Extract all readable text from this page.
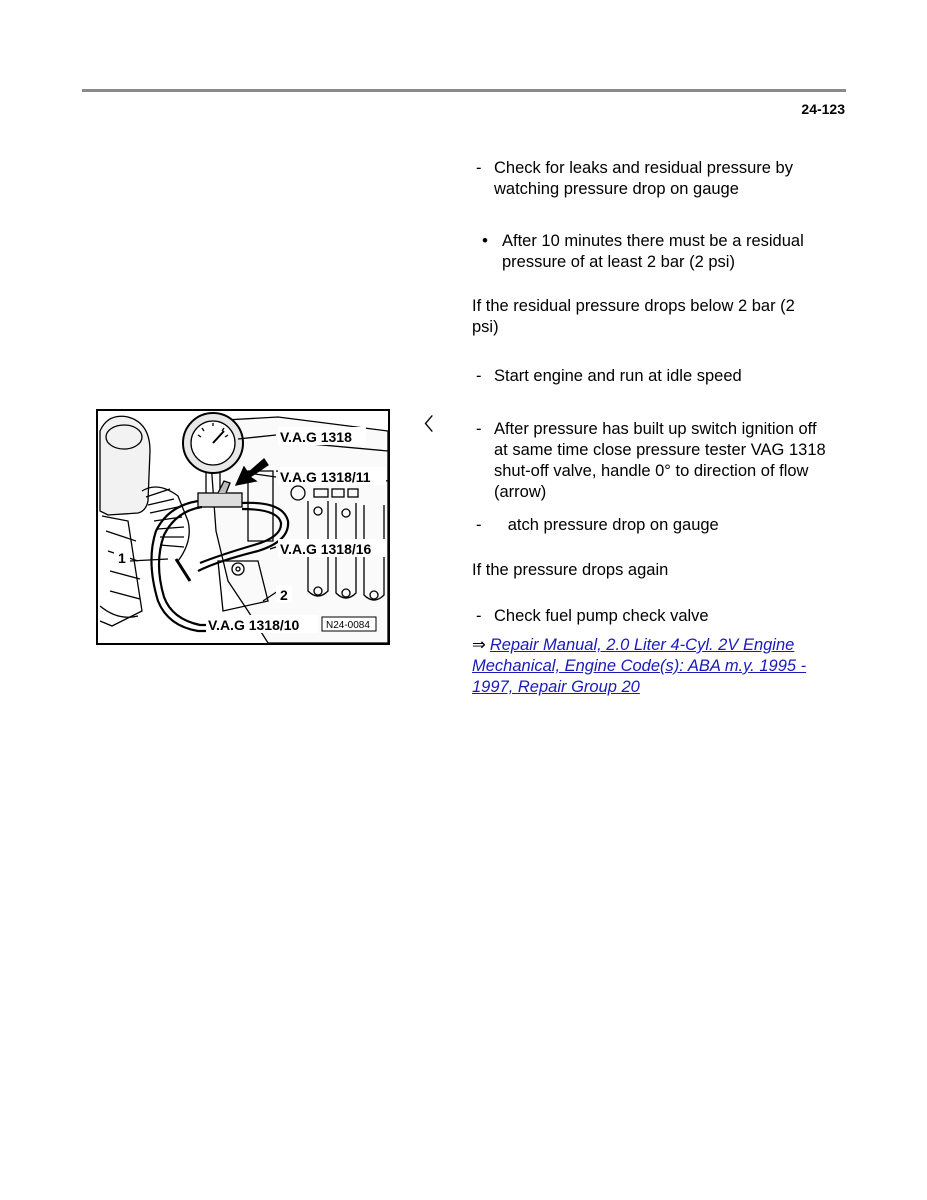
24-123
- Check for leaks and residual pressure by
watching pressure drop on gauge
• After 10 minutes there must be a residual
pressure of at least 2 bar (2 psi)
If the residual pressure drops below 2 bar (2
psi)
- Start engine and run at idle speed
〈	- After pressure has built up switch ignition off
at same time close pressure tester VAG 1318
shut-off valve, handle 0° to direction of flow
(arrow)
- atch pressure drop on gauge
If the pressure drops again
- Check fuel pump check valve
⇒ Repair Manual, 2.0 Liter 4-Cyl. 2V Engine
Mechanical, Engine Code(s): ABA m.y. 1995 -
1997, Repair Group 20
V.A.G 1318
V.A.G 1318/11
V.A.G 1318/16
V.A.G 1318/10
1
2
N24-0084
